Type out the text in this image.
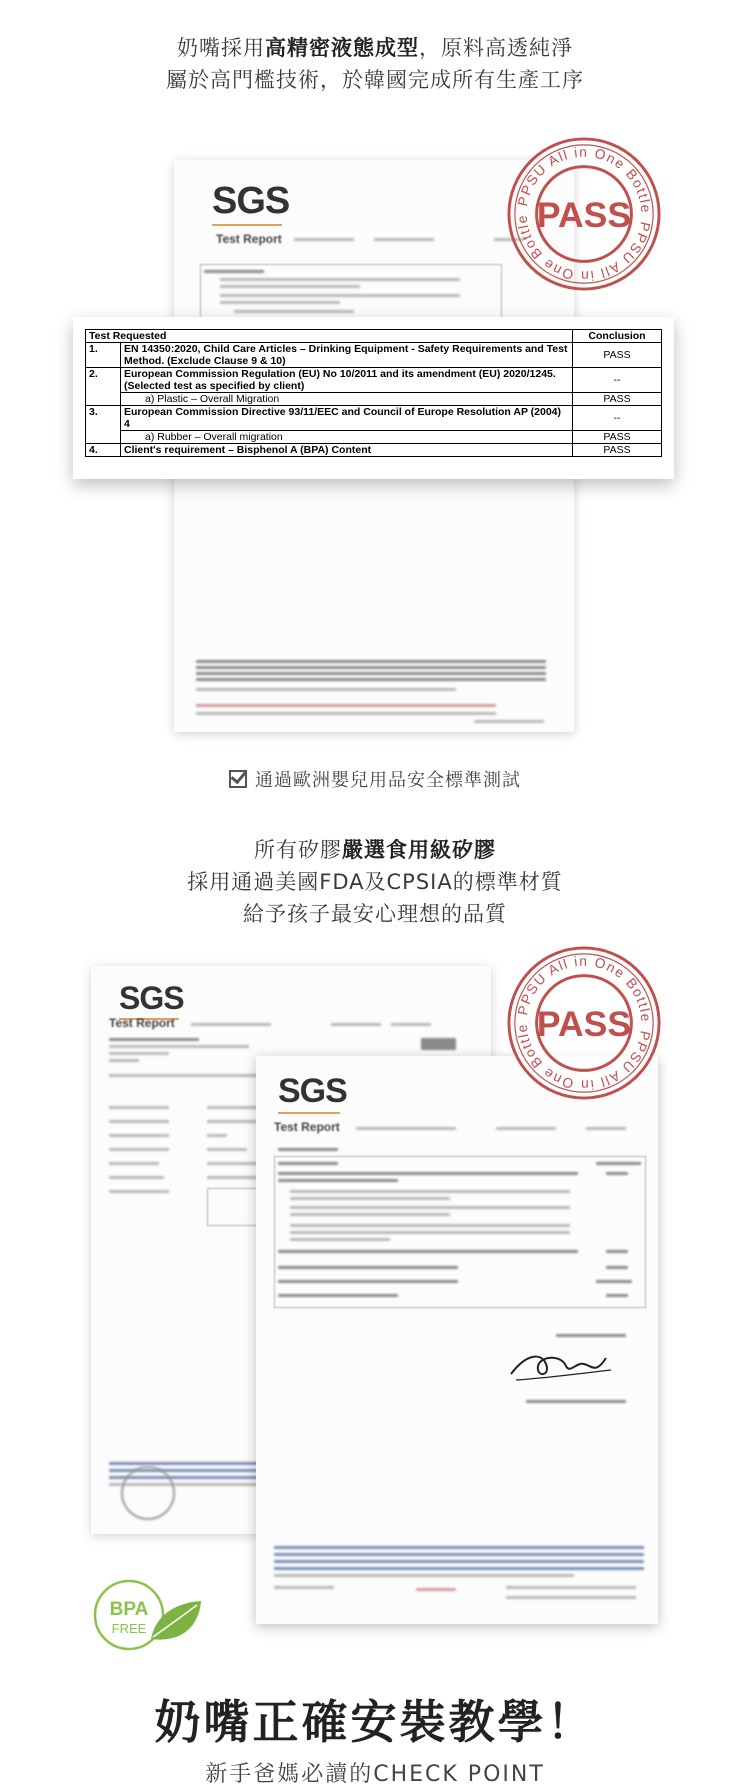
奶嘴採用高精密液態成型，原料高透純淨
屬於高門檻技術，於韓國完成所有生產工序
SGS
Test Report
Test Requested		Conclusion
1.	EN 14350:2020, Child Care Articles – Drinking Equipment - Safety Requirements and Test Method. (Exclude Clause 9 & 10)	PASS
2.	European Commission Regulation (EU) No 10/2011 and its amendment (EU) 2020/1245. (Selected test as specified by client)	--
	a) Plastic – Overall Migration	PASS
3.	European Commission Directive 93/11/EEC and Council of Europe Resolution AP (2004) 4	--
	a) Rubber – Overall migration	PASS
4.	Client's requirement – Bisphenol A (BPA) Content	PASS
PPSU All in One Bottle
PPSU All in One Bottle PASS
通過歐洲嬰兒用品安全標準測試
所有矽膠嚴選食用級矽膠
採用通過美國FDA及CPSIA的標準材質
給予孩子最安心理想的品質
SGS
Test Report
SGS
Test Report
PPSU All in One Bottle
PPSU All in One Bottle PASS
BPA
FREE
奶嘴正確安裝教學！
新手爸媽必讀的CHECK POINT
